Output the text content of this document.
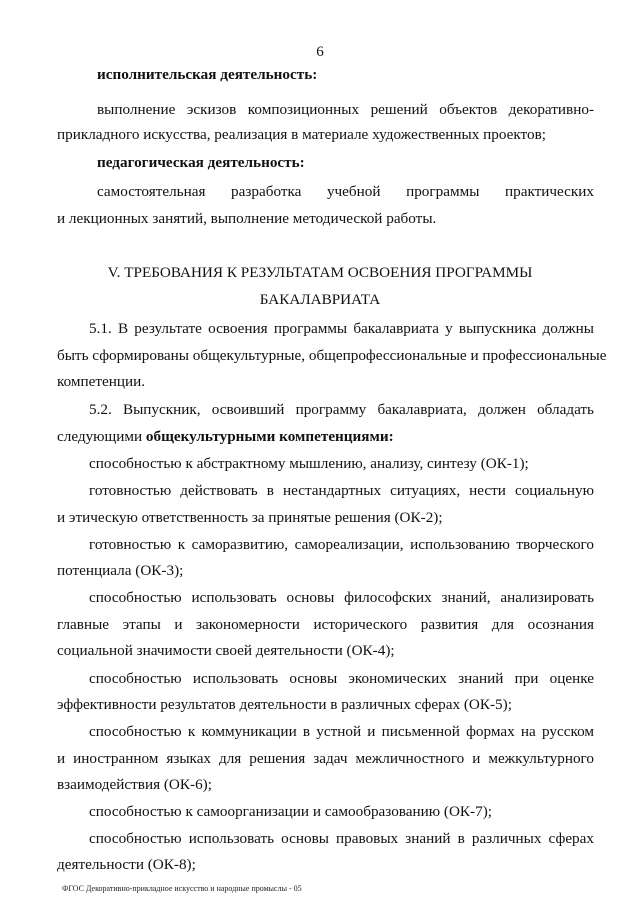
6
исполнительская деятельность:
выполнение эскизов композиционных решений объектов декоративно-
прикладного искусства, реализация в материале художественных проектов;
педагогическая деятельность:
самостоятельная разработка учебной программы практических
и лекционных занятий, выполнение методической работы.
V. ТРЕБОВАНИЯ К РЕЗУЛЬТАТАМ ОСВОЕНИЯ ПРОГРАММЫ
БАКАЛАВРИАТА
5.1. В результате освоения программы бакалавриата у выпускника должны
быть сформированы общекультурные, общепрофессиональные и профессиональные
компетенции.
5.2. Выпускник, освоивший программу бакалавриата, должен обладать
следующими общекультурными компетенциями:
способностью к абстрактному мышлению, анализу, синтезу (ОК-1);
готовностью действовать в нестандартных ситуациях, нести социальную
и этическую ответственность за принятые решения (ОК-2);
готовностью к саморазвитию, самореализации, использованию творческого
потенциала (ОК-3);
способностью использовать основы философских знаний, анализировать
главные этапы и закономерности исторического развития для осознания
социальной значимости своей деятельности (ОК-4);
способностью использовать основы экономических знаний при оценке
эффективности результатов деятельности в различных сферах (ОК-5);
способностью к коммуникации в устной и письменной формах на русском
и иностранном языках для решения задач межличностного и межкультурного
взаимодействия (ОК-6);
способностью к самоорганизации и самообразованию (ОК-7);
способностью использовать основы правовых знаний в различных сферах
деятельности (ОК-8);
ФГОС Декоративно-прикладное искусство и народные промыслы - 05
